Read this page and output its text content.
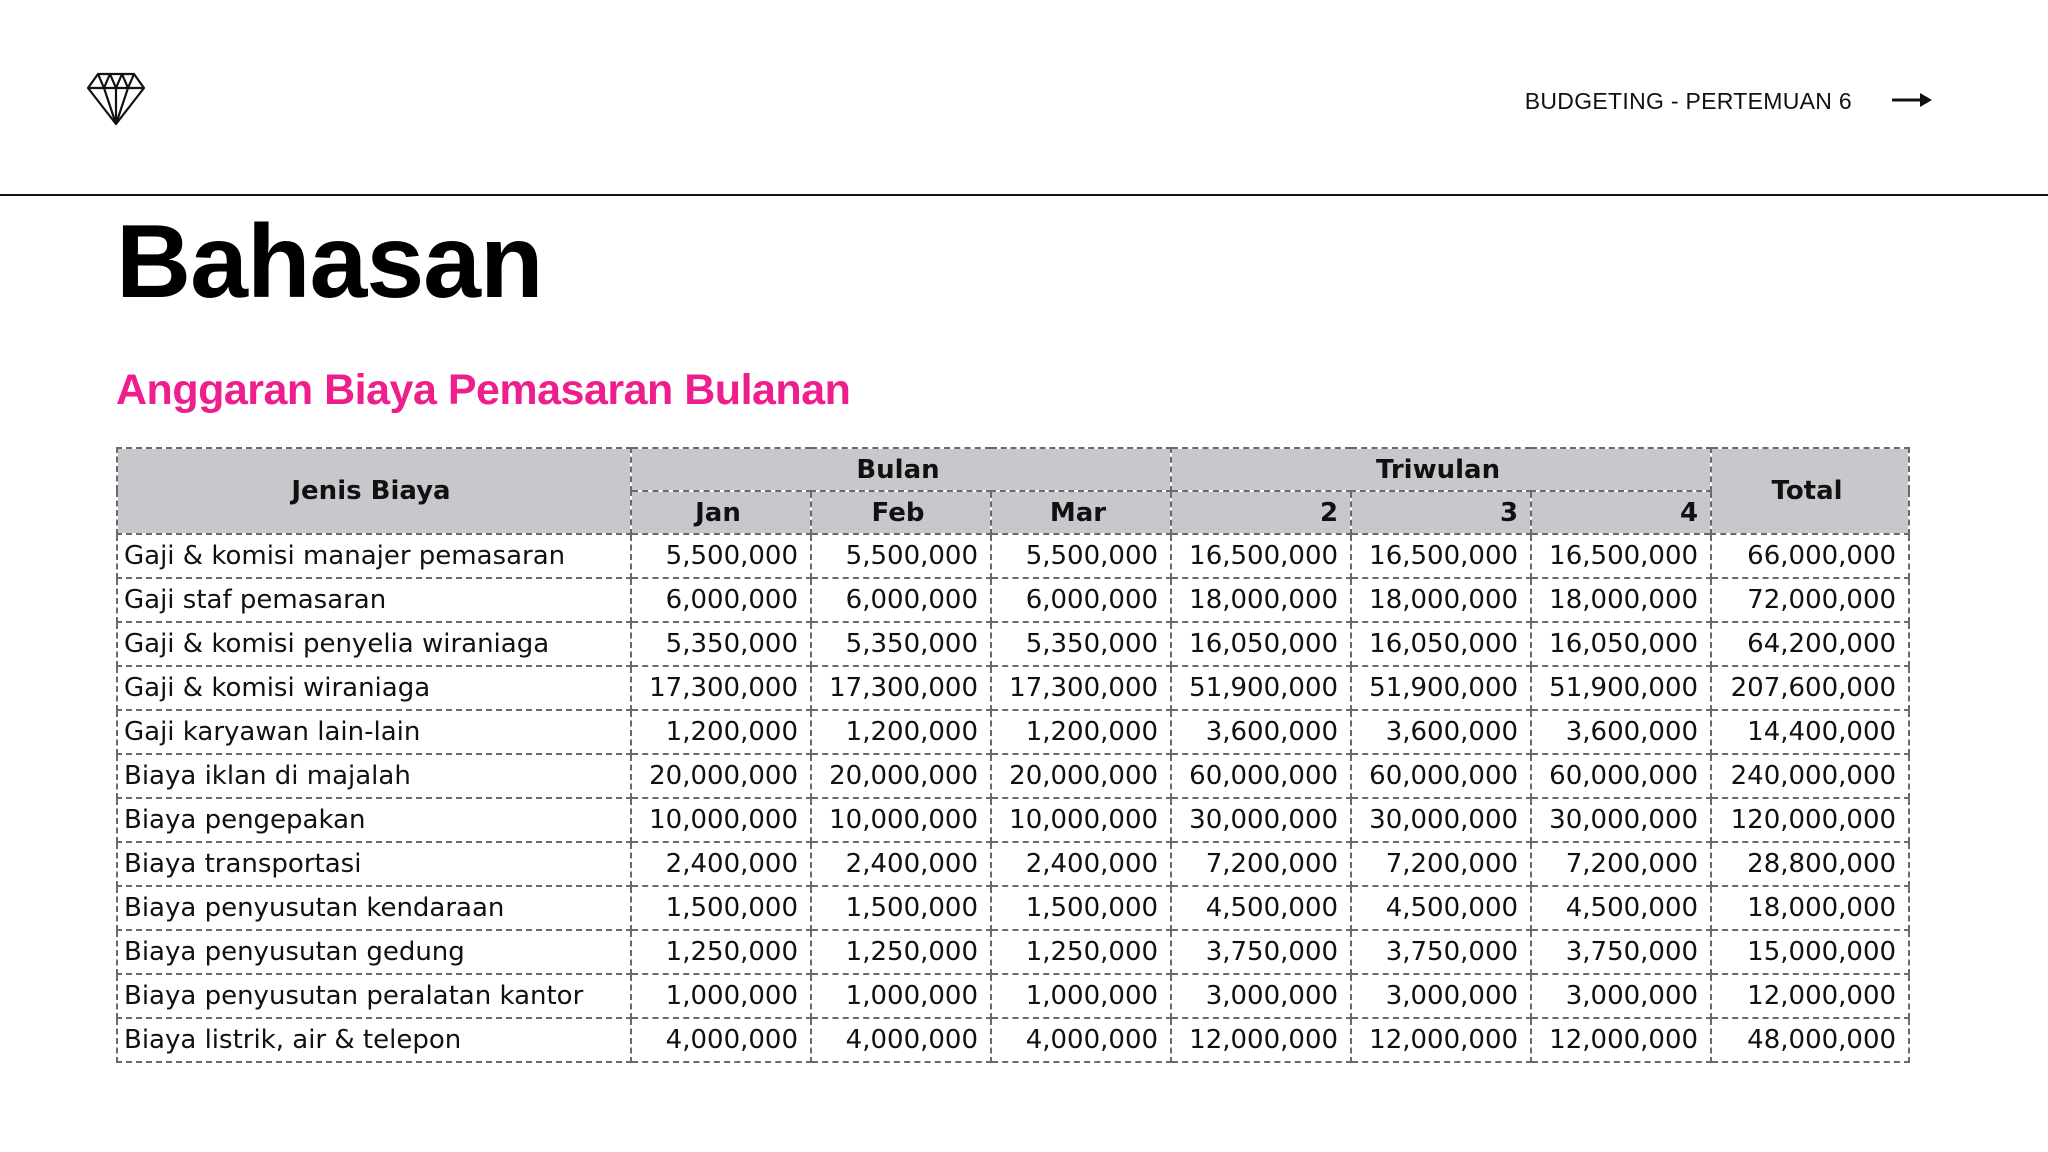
BUDGETING - PERTEMUAN 6
Bahasan
Anggaran Biaya Pemasaran Bulanan
Jenis Biaya	Bulan			Triwulan			Total
	Jan	Feb	Mar	2	3	4	
Gaji & komisi manajer pemasaran	5,500,000	5,500,000	5,500,000	16,500,000	16,500,000	16,500,000	66,000,000
Gaji staf pemasaran	6,000,000	6,000,000	6,000,000	18,000,000	18,000,000	18,000,000	72,000,000
Gaji & komisi penyelia wiraniaga	5,350,000	5,350,000	5,350,000	16,050,000	16,050,000	16,050,000	64,200,000
Gaji & komisi wiraniaga	17,300,000	17,300,000	17,300,000	51,900,000	51,900,000	51,900,000	207,600,000
Gaji karyawan lain-lain	1,200,000	1,200,000	1,200,000	3,600,000	3,600,000	3,600,000	14,400,000
Biaya iklan di majalah	20,000,000	20,000,000	20,000,000	60,000,000	60,000,000	60,000,000	240,000,000
Biaya pengepakan	10,000,000	10,000,000	10,000,000	30,000,000	30,000,000	30,000,000	120,000,000
Biaya transportasi	2,400,000	2,400,000	2,400,000	7,200,000	7,200,000	7,200,000	28,800,000
Biaya penyusutan kendaraan	1,500,000	1,500,000	1,500,000	4,500,000	4,500,000	4,500,000	18,000,000
Biaya penyusutan gedung	1,250,000	1,250,000	1,250,000	3,750,000	3,750,000	3,750,000	15,000,000
Biaya penyusutan peralatan kantor	1,000,000	1,000,000	1,000,000	3,000,000	3,000,000	3,000,000	12,000,000
Biaya listrik, air & telepon	4,000,000	4,000,000	4,000,000	12,000,000	12,000,000	12,000,000	48,000,000
